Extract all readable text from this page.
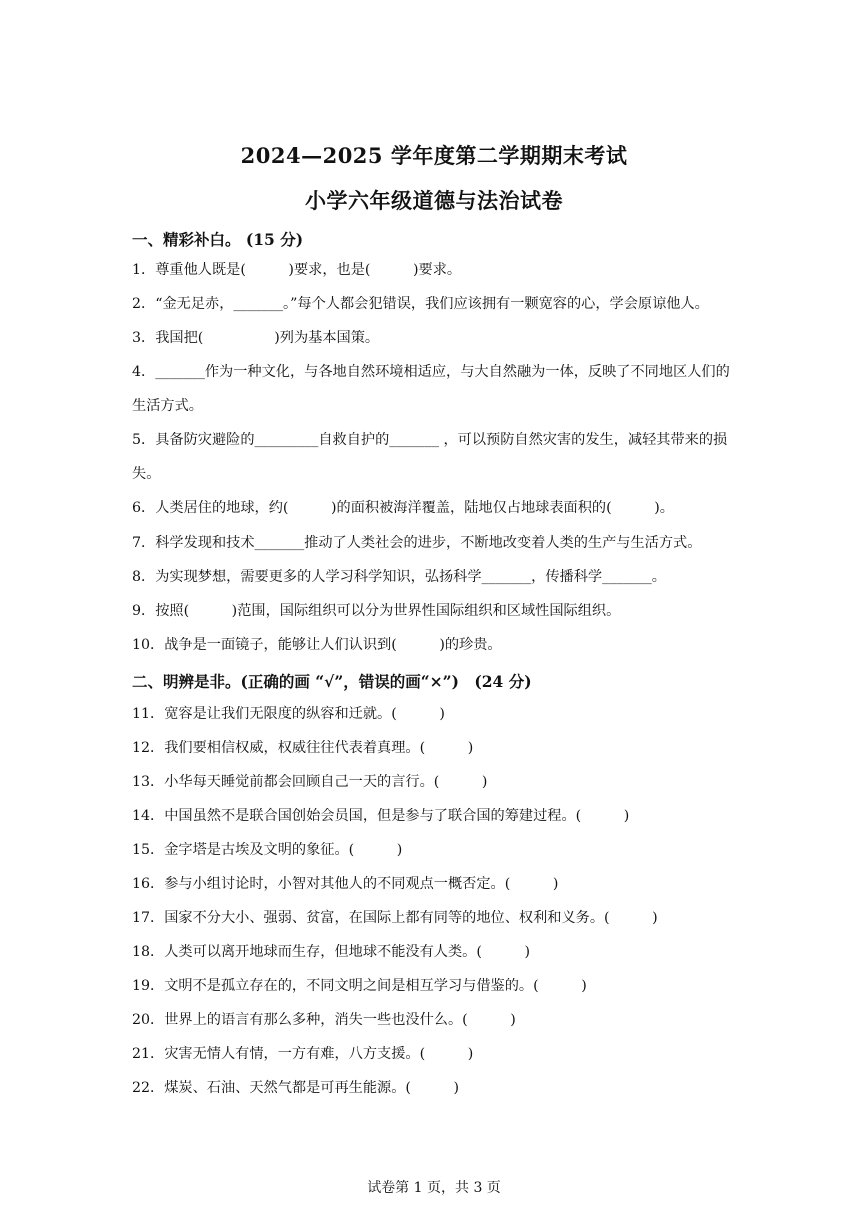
2024—2025 学年度第二学期期末考试
小学六年级道德与法治试卷
一、精彩补白。 (15 分)
1．尊重他人既是(　　　)要求，也是(　　　)要求。
2．“金无足赤，_______。”每个人都会犯错误，我们应该拥有一颗宽容的心，学会原谅他人。
3．我国把(　　　　　)列为基本国策。
4．_______作为一种文化，与各地自然环境相适应，与大自然融为一体，反映了不同地区人们的生活方式。
5．具备防灾避险的_________自救自护的_______ ，可以预防自然灾害的发生，减轻其带来的损失。
6．人类居住的地球，约(　　　)的面积被海洋覆盖，陆地仅占地球表面积的(　　　)。
7．科学发现和技术_______推动了人类社会的进步，不断地改变着人类的生产与生活方式。
8．为实现梦想，需要更多的人学习科学知识，弘扬科学_______，传播科学_______。
9．按照(　　　)范围，国际组织可以分为世界性国际组织和区域性国际组织。
10．战争是一面镜子，能够让人们认识到(　　　)的珍贵。
二、明辨是非。(正确的画 “√”，错误的画“×”)　(24 分)
11．宽容是让我们无限度的纵容和迁就。(　　　)
12．我们要相信权威，权威往往代表着真理。(　　　)
13．小华每天睡觉前都会回顾自己一天的言行。(　　　)
14．中国虽然不是联合国创始会员国，但是参与了联合国的筹建过程。(　　　)
15．金字塔是古埃及文明的象征。(　　　)
16．参与小组讨论时，小智对其他人的不同观点一概否定。(　　　)
17．国家不分大小、强弱、贫富，在国际上都有同等的地位、权利和义务。(　　　)
18．人类可以离开地球而生存，但地球不能没有人类。(　　　)
19．文明不是孤立存在的，不同文明之间是相互学习与借鉴的。(　　　)
20．世界上的语言有那么多种，消失一些也没什么。(　　　)
21．灾害无情人有情，一方有难，八方支援。(　　　)
22．煤炭、石油、天然气都是可再生能源。(　　　)
试卷第 1 页，共 3 页
